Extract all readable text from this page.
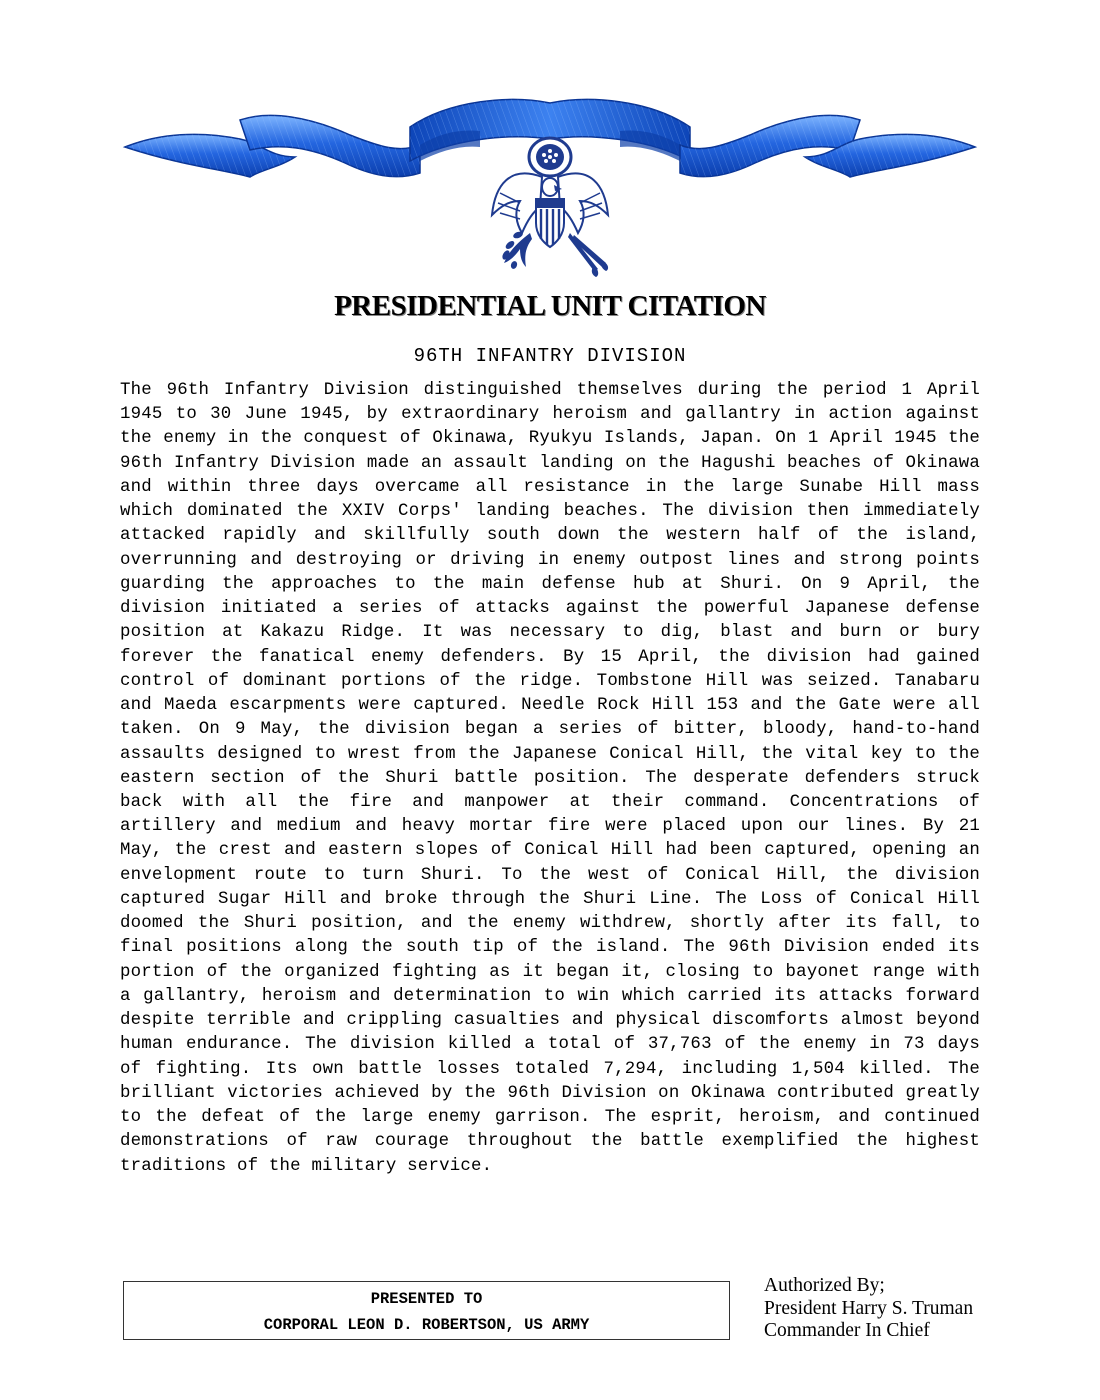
PRESIDENTIAL UNIT CITATION
96TH INFANTRY DIVISION

The 96th Infantry Division distinguished themselves during the period 1 April 1945 to 30 June 1945, by extraordinary heroism and gallantry in action against the enemy in the conquest of Okinawa, Ryukyu Islands, Japan. On 1 April 1945 the 96th Infantry Division made an assault landing on the Hagushi beaches of Okinawa and within three days overcame all resistance in the large Sunabe Hill mass which dominated the XXIV Corps' landing beaches. The division then immediately attacked rapidly and skillfully south down the western half of the island, overrunning and destroying or driving in enemy outpost lines and strong points guarding the approaches to the main defense hub at Shuri. On 9 April, the division initiated a series of attacks against the powerful Japanese defense position at Kakazu Ridge. It was necessary to dig, blast and burn or bury forever the fanatical enemy defenders. By 15 April, the division had gained control of dominant portions of the ridge. Tombstone Hill was seized. Tanabaru and Maeda escarpments were captured. Needle Rock Hill 153 and the Gate were all taken. On 9 May, the division began a series of bitter, bloody, hand-to-hand assaults designed to wrest from the Japanese Conical Hill, the vital key to the eastern section of the Shuri battle position. The desperate defenders struck back with all the fire and manpower at their command. Concentrations of artillery and medium and heavy mortar fire were placed upon our lines. By 21 May, the crest and eastern slopes of Conical Hill had been captured, opening an envelopment route to turn Shuri. To the west of Conical Hill, the division captured Sugar Hill and broke through the Shuri Line. The Loss of Conical Hill doomed the Shuri position, and the enemy withdrew, shortly after its fall, to final positions along the south tip of the island. The 96th Division ended its portion of the organized fighting as it began it, closing to bayonet range with a gallantry, heroism and determination to win which carried its attacks forward despite terrible and crippling casualties and physical discomforts almost beyond human endurance. The division killed a total of 37,763 of the enemy in 73 days of fighting. Its own battle losses totaled 7,294, including 1,504 killed. The brilliant victories achieved by the 96th Division on Okinawa contributed greatly to the defeat of the large enemy garrison. The esprit, heroism, and continued demonstrations of raw courage throughout the battle exemplified the highest traditions of the military service.

PRESENTED TO
CORPORAL LEON D. ROBERTSON, US ARMY
Authorized By;
President Harry S. Truman
Commander In Chief
